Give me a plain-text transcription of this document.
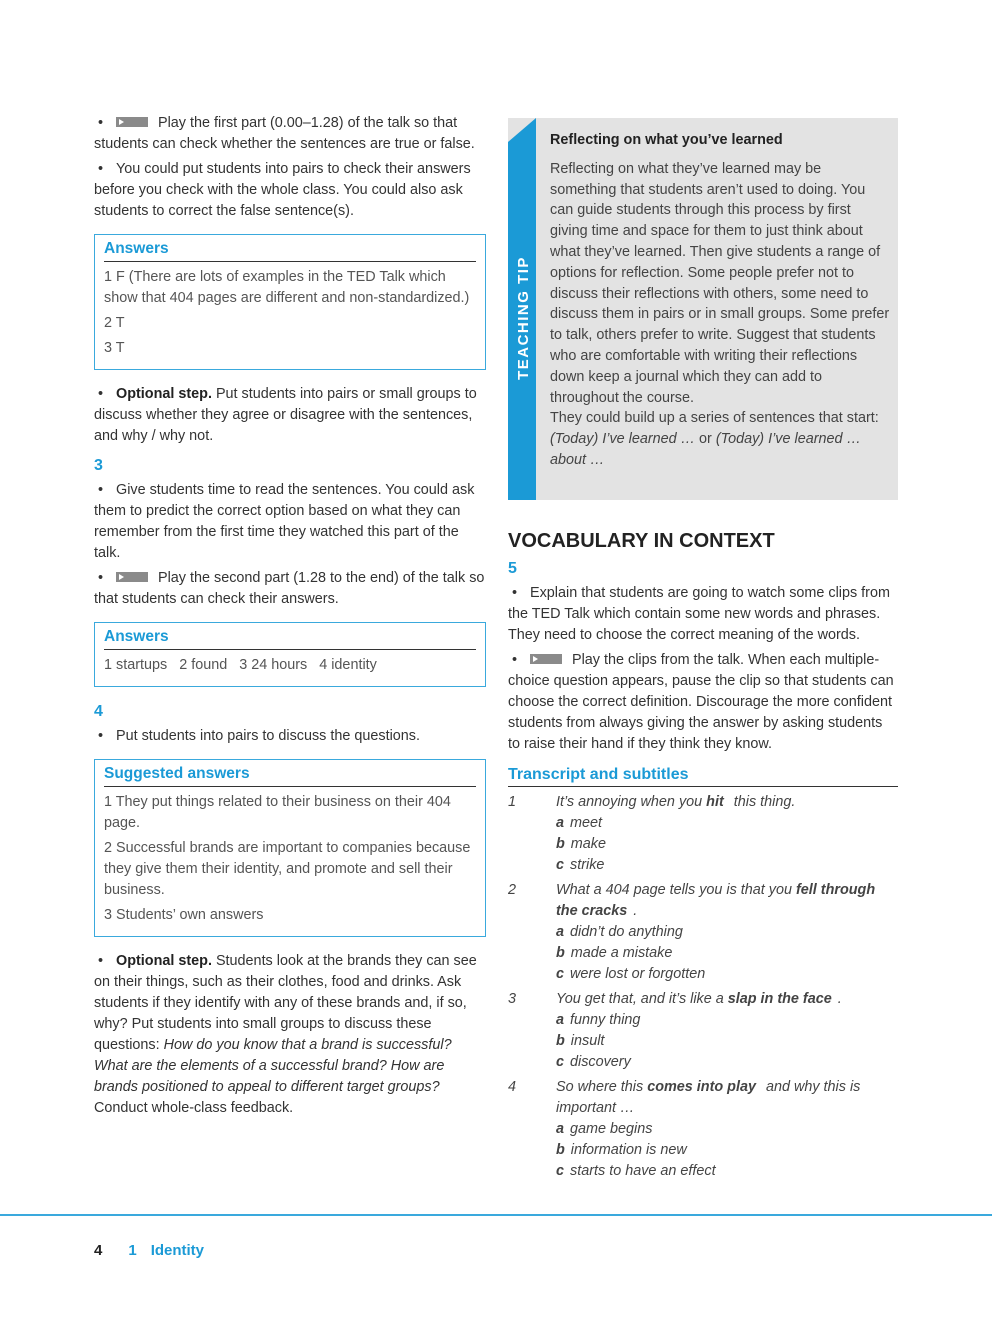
• Play the first part (0.00–1.28) of the talk so that students can check whether the sentences are true or false.

• You could put students into pairs to check their answers before you check with the whole class. You could also ask students to correct the false sentence(s).

Answers

1 F (There are lots of examples in the TED Talk which show that 404 pages are different and non-standardized.)

2 T

3 T

• Optional step. Put students into pairs or small groups to discuss whether they agree or disagree with the sentences, and why / why not.

3

• Give students time to read the sentences. You could ask them to predict the correct option based on what they can remember from the first time they watched this part of the talk.

• Play the second part (1.28 to the end) of the talk so that students can check their answers.

Answers

1 startups 2 found 3 24 hours 4 identity

4

• Put students into pairs to discuss the questions.

Suggested answers

1 They put things related to their business on their 404 page.

2 Successful brands are important to companies because they give them their identity, and promote and sell their business.

3 Students’ own answers

• Optional step. Students look at the brands they can see on their things, such as their clothes, food and drinks. Ask students if they identify with any of these brands and, if so, why? Put students into small groups to discuss these questions: How do you know that a brand is successful? What are the elements of a successful brand? How are brands positioned to appeal to different target groups? Conduct whole-class feedback.

TEACHING TIP

Reflecting on what you’ve learned

Reflecting on what they’ve learned may be something that students aren’t used to doing. You can guide students through this process by first giving time and space for them to just think about what they’ve learned. Then give students a range of options for reflection. Some people prefer not to discuss their reflections with others, some need to discuss them in pairs or in small groups. Some prefer to talk, others prefer to write. Suggest that students who are comfortable with writing their reflections down keep a journal which they can add to throughout the course.

They could build up a series of sentences that start: (Today) I’ve learned … or (Today) I’ve learned … about …

VOCABULARY IN CONTEXT
5

• Explain that students are going to watch some clips from the TED Talk which contain some new words and phrases. They need to choose the correct meaning of the words.

• Play the clips from the talk. When each multiple-choice question appears, pause the clip so that students can choose the correct definition. Discourage the more confident students from always giving the answer by asking students to raise their hand if they think they know.

Transcript and subtitles
1	It’s annoying when you hit this thing.

a meet

b make

c strike

2	What a 404 page tells you is that you fell through the cracks .

a didn’t do anything

b made a mistake

c were lost or forgotten

3	You get that, and it’s like a slap in the face .

a funny thing

b insult

c discovery

4	So where this comes into play and why this is important …

a game begins

b information is new

c starts to have an effect

4 1 Identity
